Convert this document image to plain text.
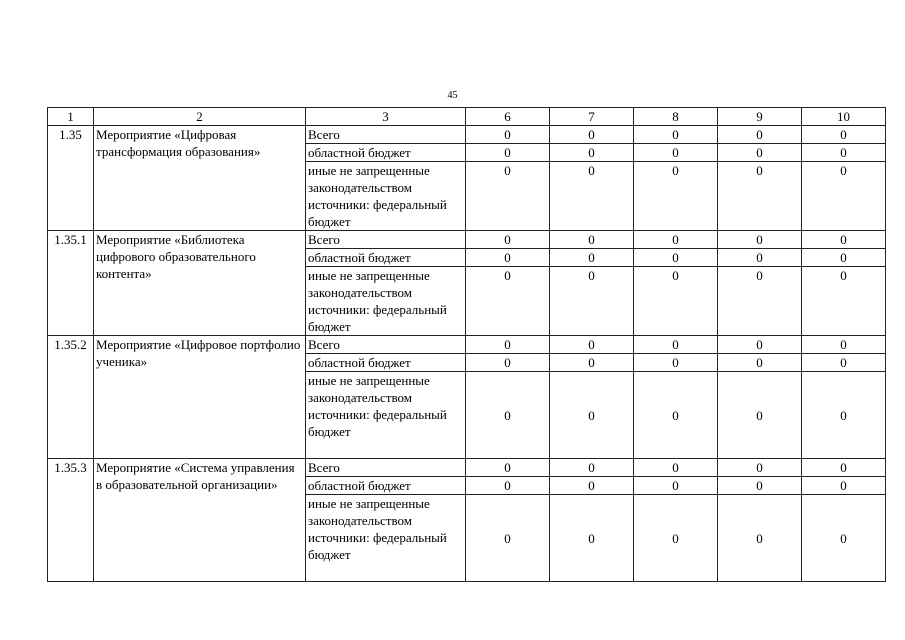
45
1	2	3	6	7	8	9	10
1.35	Мероприятие «Цифровая трансформация образования»	Всего	0	0	0	0	0
		областной бюджет	0	0	0	0	0
		иные не запрещенные законодательством источники: федеральный бюджет	0	0	0	0	0
1.35.1	Мероприятие «Библиотека цифрового образовательного контента»	Всего	0	0	0	0	0
		областной бюджет	0	0	0	0	0
		иные не запрещенные законодательством источники: федеральный бюджет	0	0	0	0	0
1.35.2	Мероприятие «Цифровое портфолио ученика»	Всего	0	0	0	0	0
		областной бюджет	0	0	0	0	0
		иные не запрещенные законодательством источники: федеральный бюджет	0	0	0	0	0
1.35.3	Мероприятие «Система управления в образовательной организации»	Всего	0	0	0	0	0
		областной бюджет	0	0	0	0	0
		иные не запрещенные законодательством источники: федеральный бюджет	0	0	0	0	0
